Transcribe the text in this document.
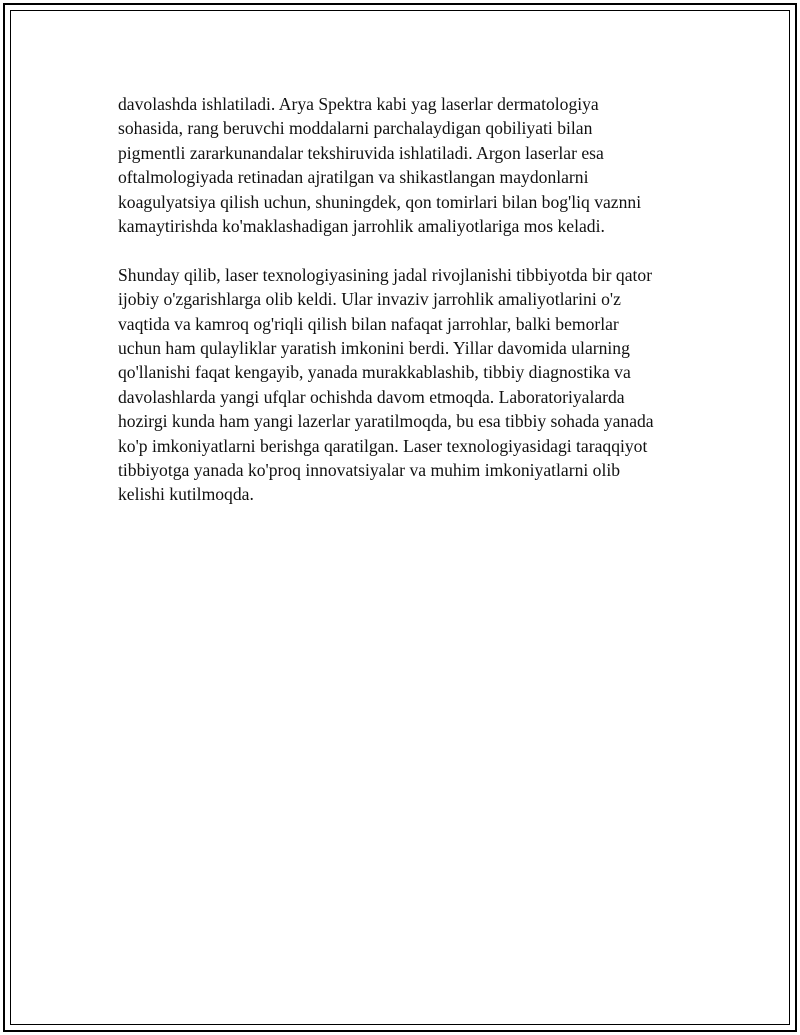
davolashda ishlatiladi. Arya Spektra kabi yag laserlar dermatologiya
sohasida, rang beruvchi moddalarni parchalaydigan qobiliyati bilan
pigmentli zararkunandalar tekshiruvida ishlatiladi. Argon laserlar esa
oftalmologiyada retinadan ajratilgan va shikastlangan maydonlarni
koagulyatsiya qilish uchun, shuningdek, qon tomirlari bilan bog'liq vaznni
kamaytirishda ko'maklashadigan jarrohlik amaliyotlariga mos keladi.

Shunday qilib, laser texnologiyasining jadal rivojlanishi tibbiyotda bir qator
ijobiy o'zgarishlarga olib keldi. Ular invaziv jarrohlik amaliyotlarini o'z
vaqtida va kamroq og'riqli qilish bilan nafaqat jarrohlar, balki bemorlar
uchun ham qulayliklar yaratish imkonini berdi. Yillar davomida ularning
qo'llanishi faqat kengayib, yanada murakkablashib, tibbiy diagnostika va
davolashlarda yangi ufqlar ochishda davom etmoqda. Laboratoriyalarda
hozirgi kunda ham yangi lazerlar yaratilmoqda, bu esa tibbiy sohada yanada
ko'p imkoniyatlarni berishga qaratilgan. Laser texnologiyasidagi taraqqiyot
tibbiyotga yanada ko'proq innovatsiyalar va muhim imkoniyatlarni olib
kelishi kutilmoqda.
